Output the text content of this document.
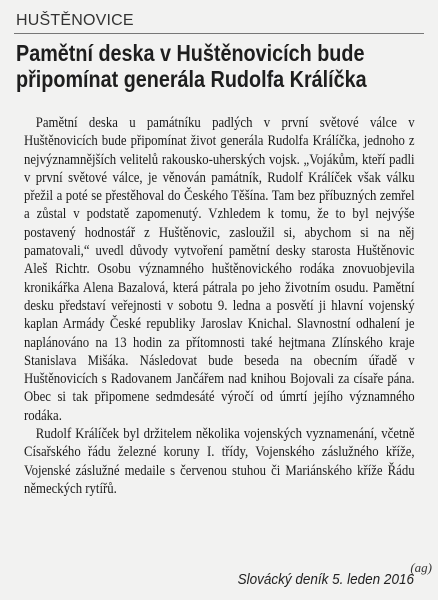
HUŠTĚNOVICE
Pamětní deska v Huštěnovicích bude
připomínat generála Rudolfa Králíčka

Pamětní deska u památníku padlých v první světové válce v Huštěnovicích bude připomínat život generála Rudolfa Králíčka, jednoho z nejvýznamnějších velitelů rakousko-uherských vojsk. „Vojákům, kteří padli v první světové válce, je věnován památník, Rudolf Králíček však válku přežil a poté se přestěhoval do Českého Těšína. Tam bez příbuzných zemřel a zůstal v podstatě zapomenutý. Vzhledem k tomu, že to byl nejvýše postavený hodnostář z Huštěnovic, zasloužil si, abychom si na něj pamatovali,“ uvedl důvody vytvoření pamětní desky starosta Huštěnovic Aleš Richtr. Osobu významného huštěnovického rodáka znovuobjevila kronikářka Alena Bazalová, která pátrala po jeho životním osudu. Pamětní desku představí veřejnosti v sobotu 9. ledna a posvětí ji hlavní vojenský kaplan Armády České republiky Jaroslav Knichal. Slavnostní odhalení je naplánováno na 13 hodin za přítomnosti také hejtmana Zlínského kraje Stanislava Mišáka. Následovat bude beseda na obecním úřadě v Huštěnovicích s Radovanem Jančářem nad knihou Bojovali za císaře pána. Obec si tak připomene sedmdesáté výročí od úmrtí jejího významného rodáka.

Rudolf Králíček byl držitelem několika vojenských vyznamenání, včetně Císařského řádu železné koruny I. třídy, Vojenského záslužného kříže, Vojenské záslužné medaile s červenou stuhou či Mariánského kříže Řádu německých rytířů.

(ag)
Slovácký deník 5. leden 2016
